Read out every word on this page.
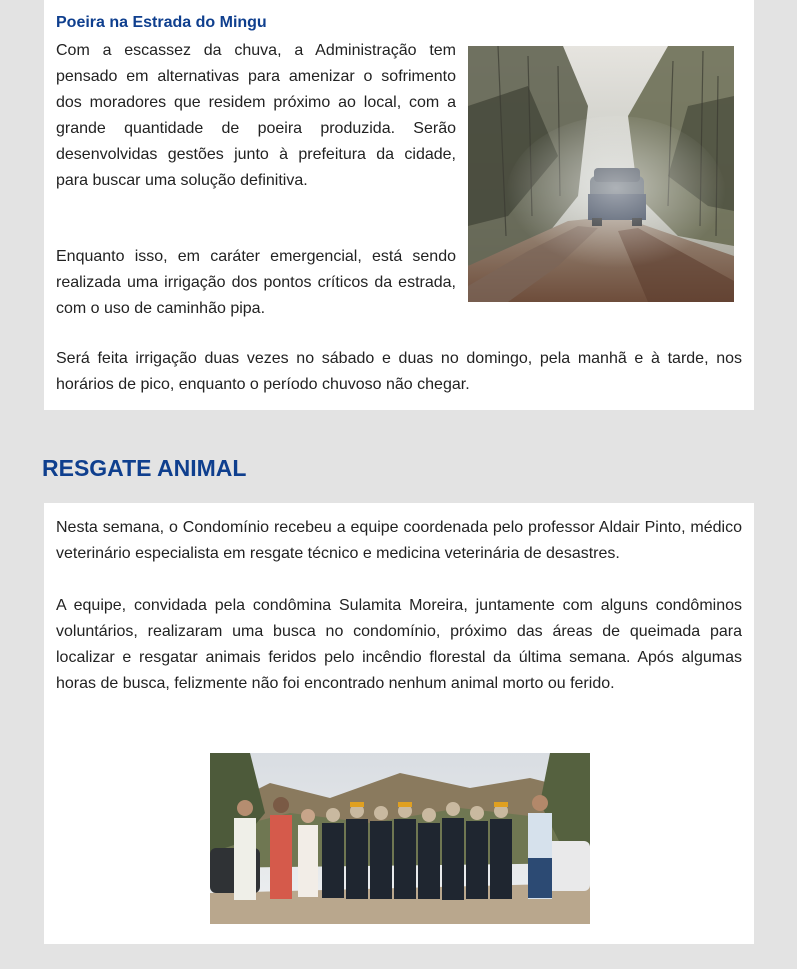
Poeira na Estrada do Mingu

Com a escassez da chuva, a Administração tem pensado em alternativas para amenizar o sofrimento dos moradores que residem próximo ao local, com a grande quantidade de poeira produzida. Serão desenvolvidas gestões junto à prefeitura da cidade, para buscar uma solução definitiva.

Enquanto isso, em caráter emergencial, está sendo realizada uma irrigação dos pontos críticos da estrada, com o uso de caminhão pipa.

Será feita irrigação duas vezes no sábado e duas no domingo, pela manhã e à tarde, nos horários de pico, enquanto o período chuvoso não chegar.

RESGATE ANIMAL

Nesta semana, o Condomínio recebeu a equipe coordenada pelo professor Aldair Pinto, médico veterinário especialista em resgate técnico e medicina veterinária de desastres.

A equipe, convidada pela condômina Sulamita Moreira, juntamente com alguns condôminos voluntários, realizaram uma busca no condomínio, próximo das áreas de queimada para localizar e resgatar animais feridos pelo incêndio florestal da última semana. Após algumas horas de busca, felizmente não foi encontrado nenhum animal morto ou ferido.
